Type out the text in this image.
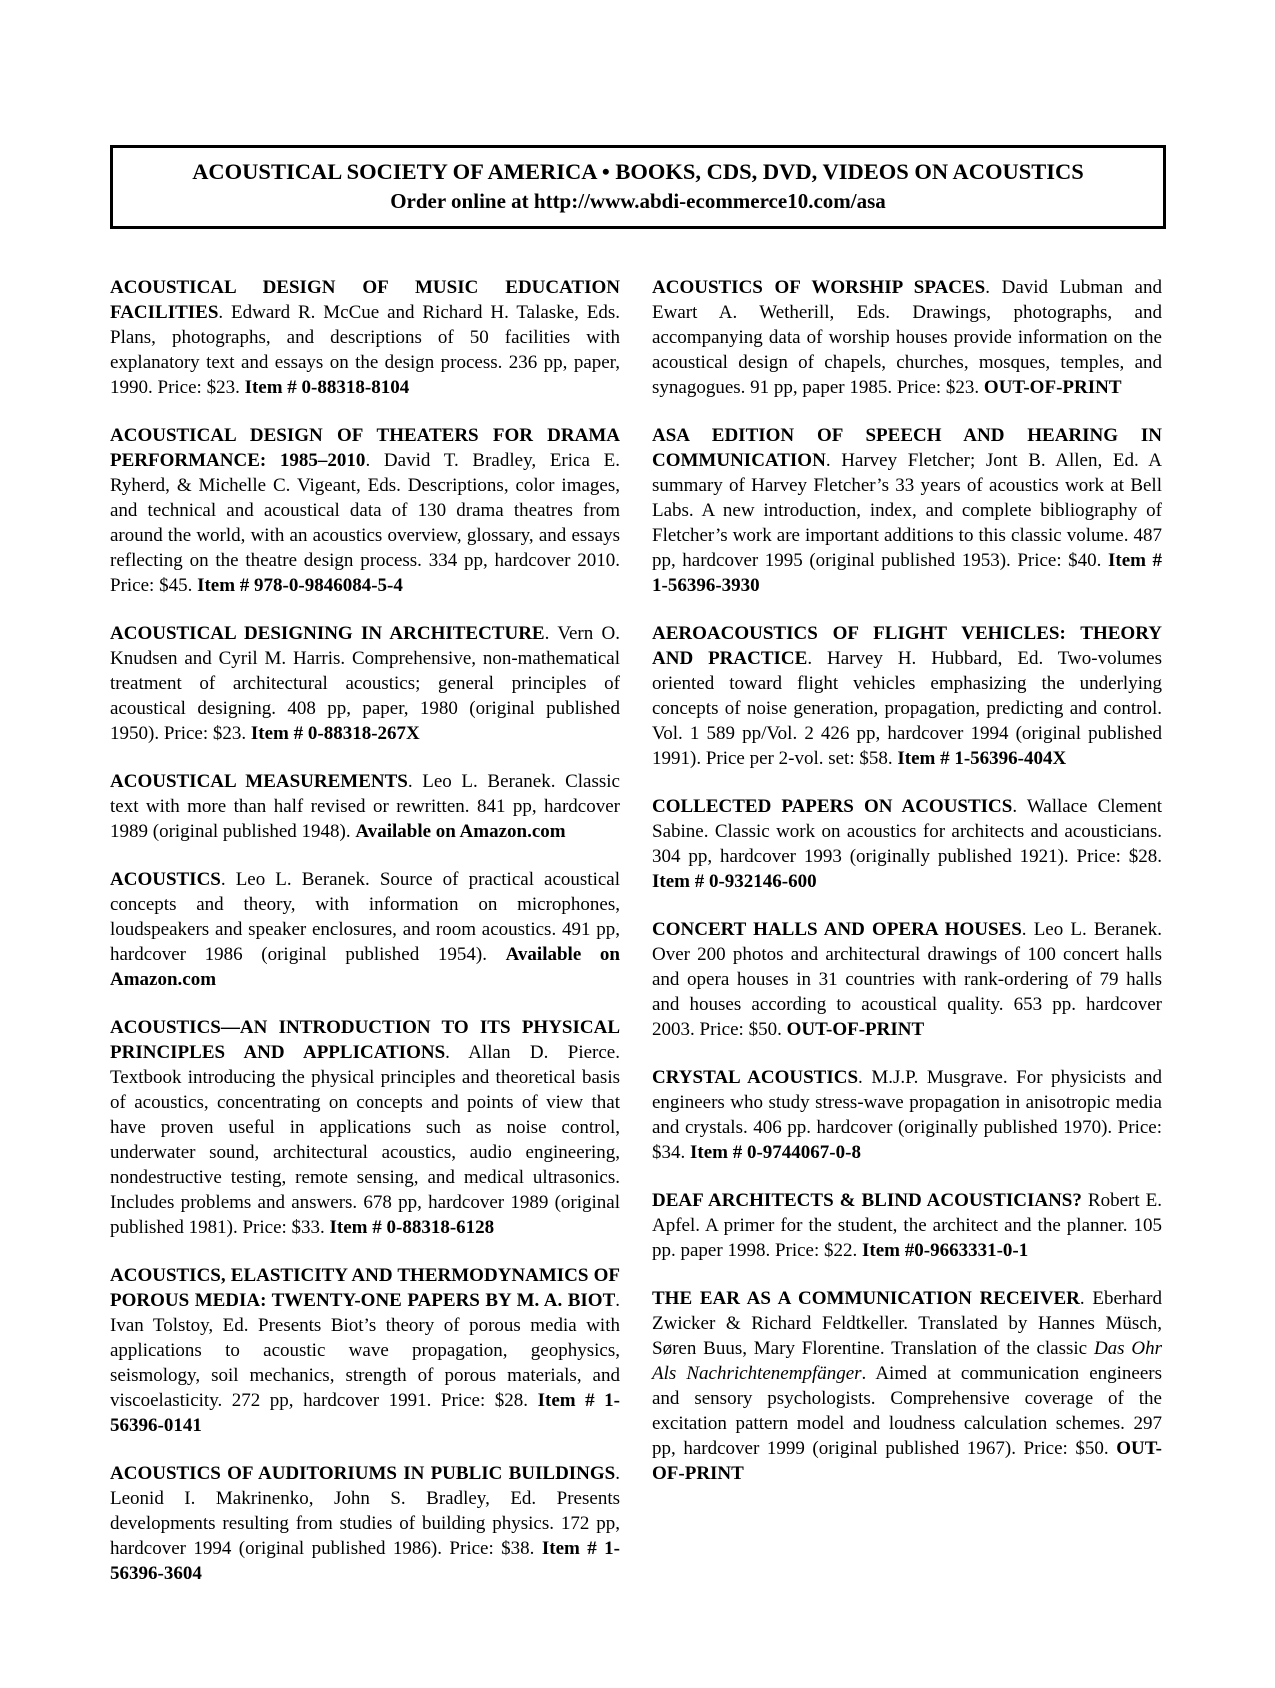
ACOUSTICAL SOCIETY OF AMERICA • BOOKS, CDS, DVD, VIDEOS ON ACOUSTICS
Order online at http://www.abdi-ecommerce10.com/asa

ACOUSTICAL DESIGN OF MUSIC EDUCATION FACILITIES. Edward R. McCue and Richard H. Talaske, Eds. Plans, photographs, and descriptions of 50 facilities with explanatory text and essays on the design process. 236 pp, paper, 1990. Price: $23. Item # 0-88318-8104

ACOUSTICAL DESIGN OF THEATERS FOR DRAMA PERFORMANCE: 1985–2010. David T. Bradley, Erica E. Ryherd, & Michelle C. Vigeant, Eds. Descriptions, color images, and technical and acoustical data of 130 drama theatres from around the world, with an acoustics overview, glossary, and essays reflecting on the theatre design process. 334 pp, hardcover 2010. Price: $45. Item # 978-0-9846084-5-4

ACOUSTICAL DESIGNING IN ARCHITECTURE. Vern O. Knudsen and Cyril M. Harris. Comprehensive, non-mathematical treatment of architectural acoustics; general principles of acoustical designing. 408 pp, paper, 1980 (original published 1950). Price: $23. Item # 0-88318-267X

ACOUSTICAL MEASUREMENTS. Leo L. Beranek. Classic text with more than half revised or rewritten. 841 pp, hardcover 1989 (original published 1948). Available on Amazon.com

ACOUSTICS. Leo L. Beranek. Source of practical acoustical concepts and theory, with information on microphones, loudspeakers and speaker enclosures, and room acoustics. 491 pp, hardcover 1986 (original published 1954). Available on Amazon.com

ACOUSTICS—AN INTRODUCTION TO ITS PHYSICAL PRINCIPLES AND APPLICATIONS. Allan D. Pierce. Textbook introducing the physical principles and theoretical basis of acoustics, concentrating on concepts and points of view that have proven useful in applications such as noise control, underwater sound, architectural acoustics, audio engineering, nondestructive testing, remote sensing, and medical ultrasonics. Includes problems and answers. 678 pp, hardcover 1989 (original published 1981). Price: $33. Item # 0-88318-6128

ACOUSTICS, ELASTICITY AND THERMODYNAMICS OF POROUS MEDIA: TWENTY-ONE PAPERS BY M. A. BIOT. Ivan Tolstoy, Ed. Presents Biot’s theory of porous media with applications to acoustic wave propagation, geophysics, seismology, soil mechanics, strength of porous materials, and viscoelasticity. 272 pp, hardcover 1991. Price: $28. Item # 1-56396-0141

ACOUSTICS OF AUDITORIUMS IN PUBLIC BUILDINGS. Leonid I. Makrinenko, John S. Bradley, Ed. Presents developments resulting from studies of building physics. 172 pp, hardcover 1994 (original published 1986). Price: $38. Item # 1-56396-3604

ACOUSTICS OF WORSHIP SPACES. David Lubman and Ewart A. Wetherill, Eds. Drawings, photographs, and accompanying data of worship houses provide information on the acoustical design of chapels, churches, mosques, temples, and synagogues. 91 pp, paper 1985. Price: $23. OUT-OF-PRINT

ASA EDITION OF SPEECH AND HEARING IN COMMUNICATION. Harvey Fletcher; Jont B. Allen, Ed. A summary of Harvey Fletcher’s 33 years of acoustics work at Bell Labs. A new introduction, index, and complete bibliography of Fletcher’s work are important additions to this classic volume. 487 pp, hardcover 1995 (original published 1953). Price: $40. Item # 1-56396-3930

AEROACOUSTICS OF FLIGHT VEHICLES: THEORY AND PRACTICE. Harvey H. Hubbard, Ed. Two-volumes oriented toward flight vehicles emphasizing the underlying concepts of noise generation, propagation, predicting and control. Vol. 1 589 pp/Vol. 2 426 pp, hardcover 1994 (original published 1991). Price per 2-vol. set: $58. Item # 1-56396-404X

COLLECTED PAPERS ON ACOUSTICS. Wallace Clement Sabine. Classic work on acoustics for architects and acousticians. 304 pp, hardcover 1993 (originally published 1921). Price: $28. Item # 0-932146-600

CONCERT HALLS AND OPERA HOUSES. Leo L. Beranek. Over 200 photos and architectural drawings of 100 concert halls and opera houses in 31 countries with rank-ordering of 79 halls and houses according to acoustical quality. 653 pp. hardcover 2003. Price: $50. OUT-OF-PRINT

CRYSTAL ACOUSTICS. M.J.P. Musgrave. For physicists and engineers who study stress-wave propagation in anisotropic media and crystals. 406 pp. hardcover (originally published 1970). Price: $34. Item # 0-9744067-0-8

DEAF ARCHITECTS & BLIND ACOUSTICIANS? Robert E. Apfel. A primer for the student, the architect and the planner. 105 pp. paper 1998. Price: $22. Item #0-9663331-0-1

THE EAR AS A COMMUNICATION RECEIVER. Eberhard Zwicker & Richard Feldtkeller. Translated by Hannes Müsch, Søren Buus, Mary Florentine. Translation of the classic Das Ohr Als Nachrichtenempfänger. Aimed at communication engineers and sensory psychologists. Comprehensive coverage of the excitation pattern model and loudness calculation schemes. 297 pp, hardcover 1999 (original published 1967). Price: $50. OUT-OF-PRINT
